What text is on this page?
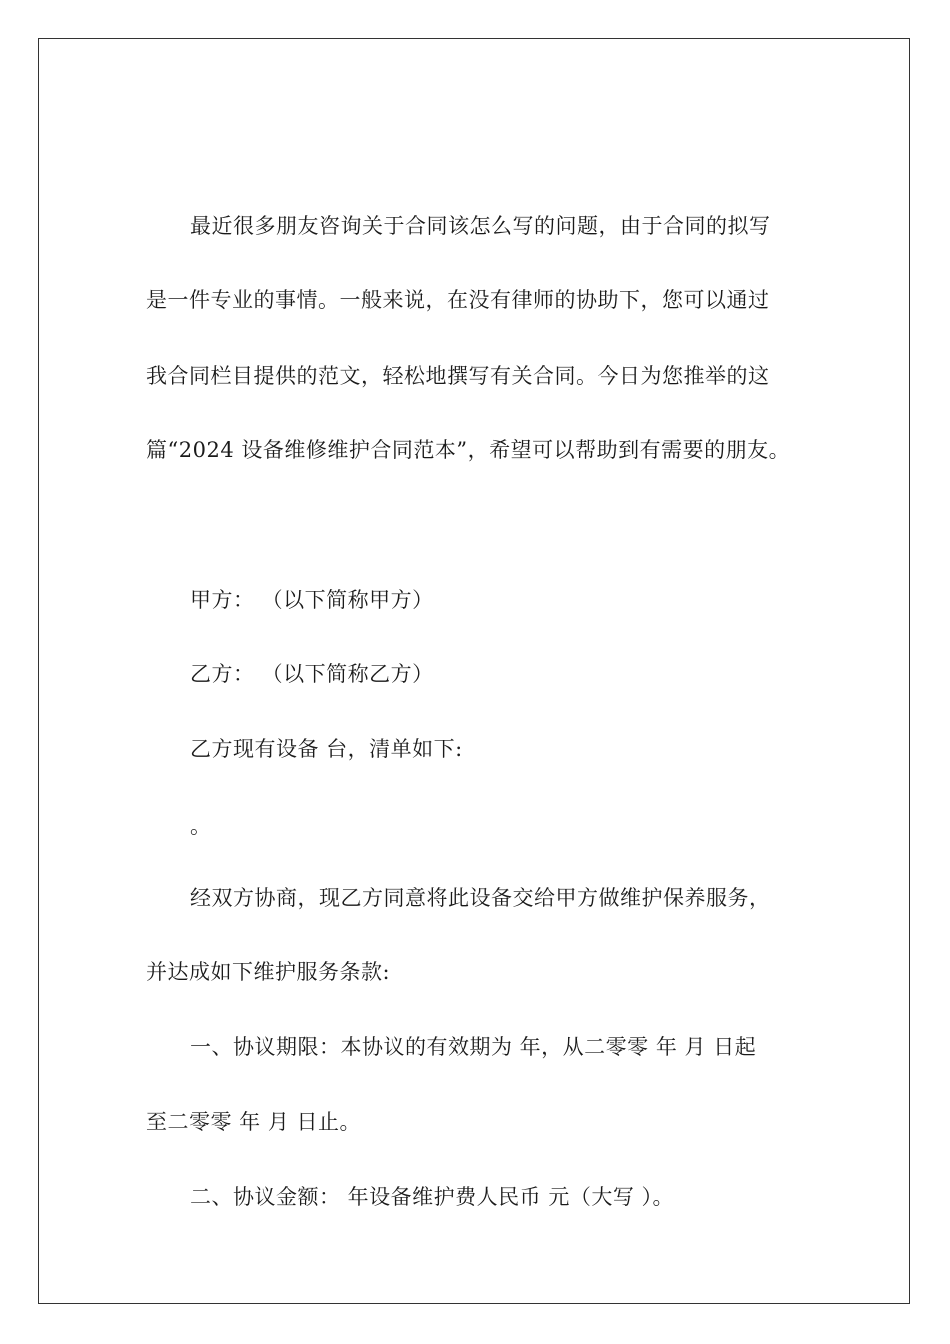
最近很多朋友咨询关于合同该怎么写的问题，由于合同的拟写
是一件专业的事情。一般来说，在没有律师的协助下，您可以通过
我合同栏目提供的范文，轻松地撰写有关合同。今日为您推举的这
篇“2024 设备维修维护合同范本”，希望可以帮助到有需要的朋友。
甲方： （以下简称甲方）
乙方： （以下简称乙方）
乙方现有设备 台，清单如下:
。
经双方协商，现乙方同意将此设备交给甲方做维护保养服务，
并达成如下维护服务条款:
一、协议期限：本协议的有效期为 年，从二零零 年 月 日起
至二零零 年 月 日止。
二、协议金额： 年设备维护费人民币 元（大写 ）。
